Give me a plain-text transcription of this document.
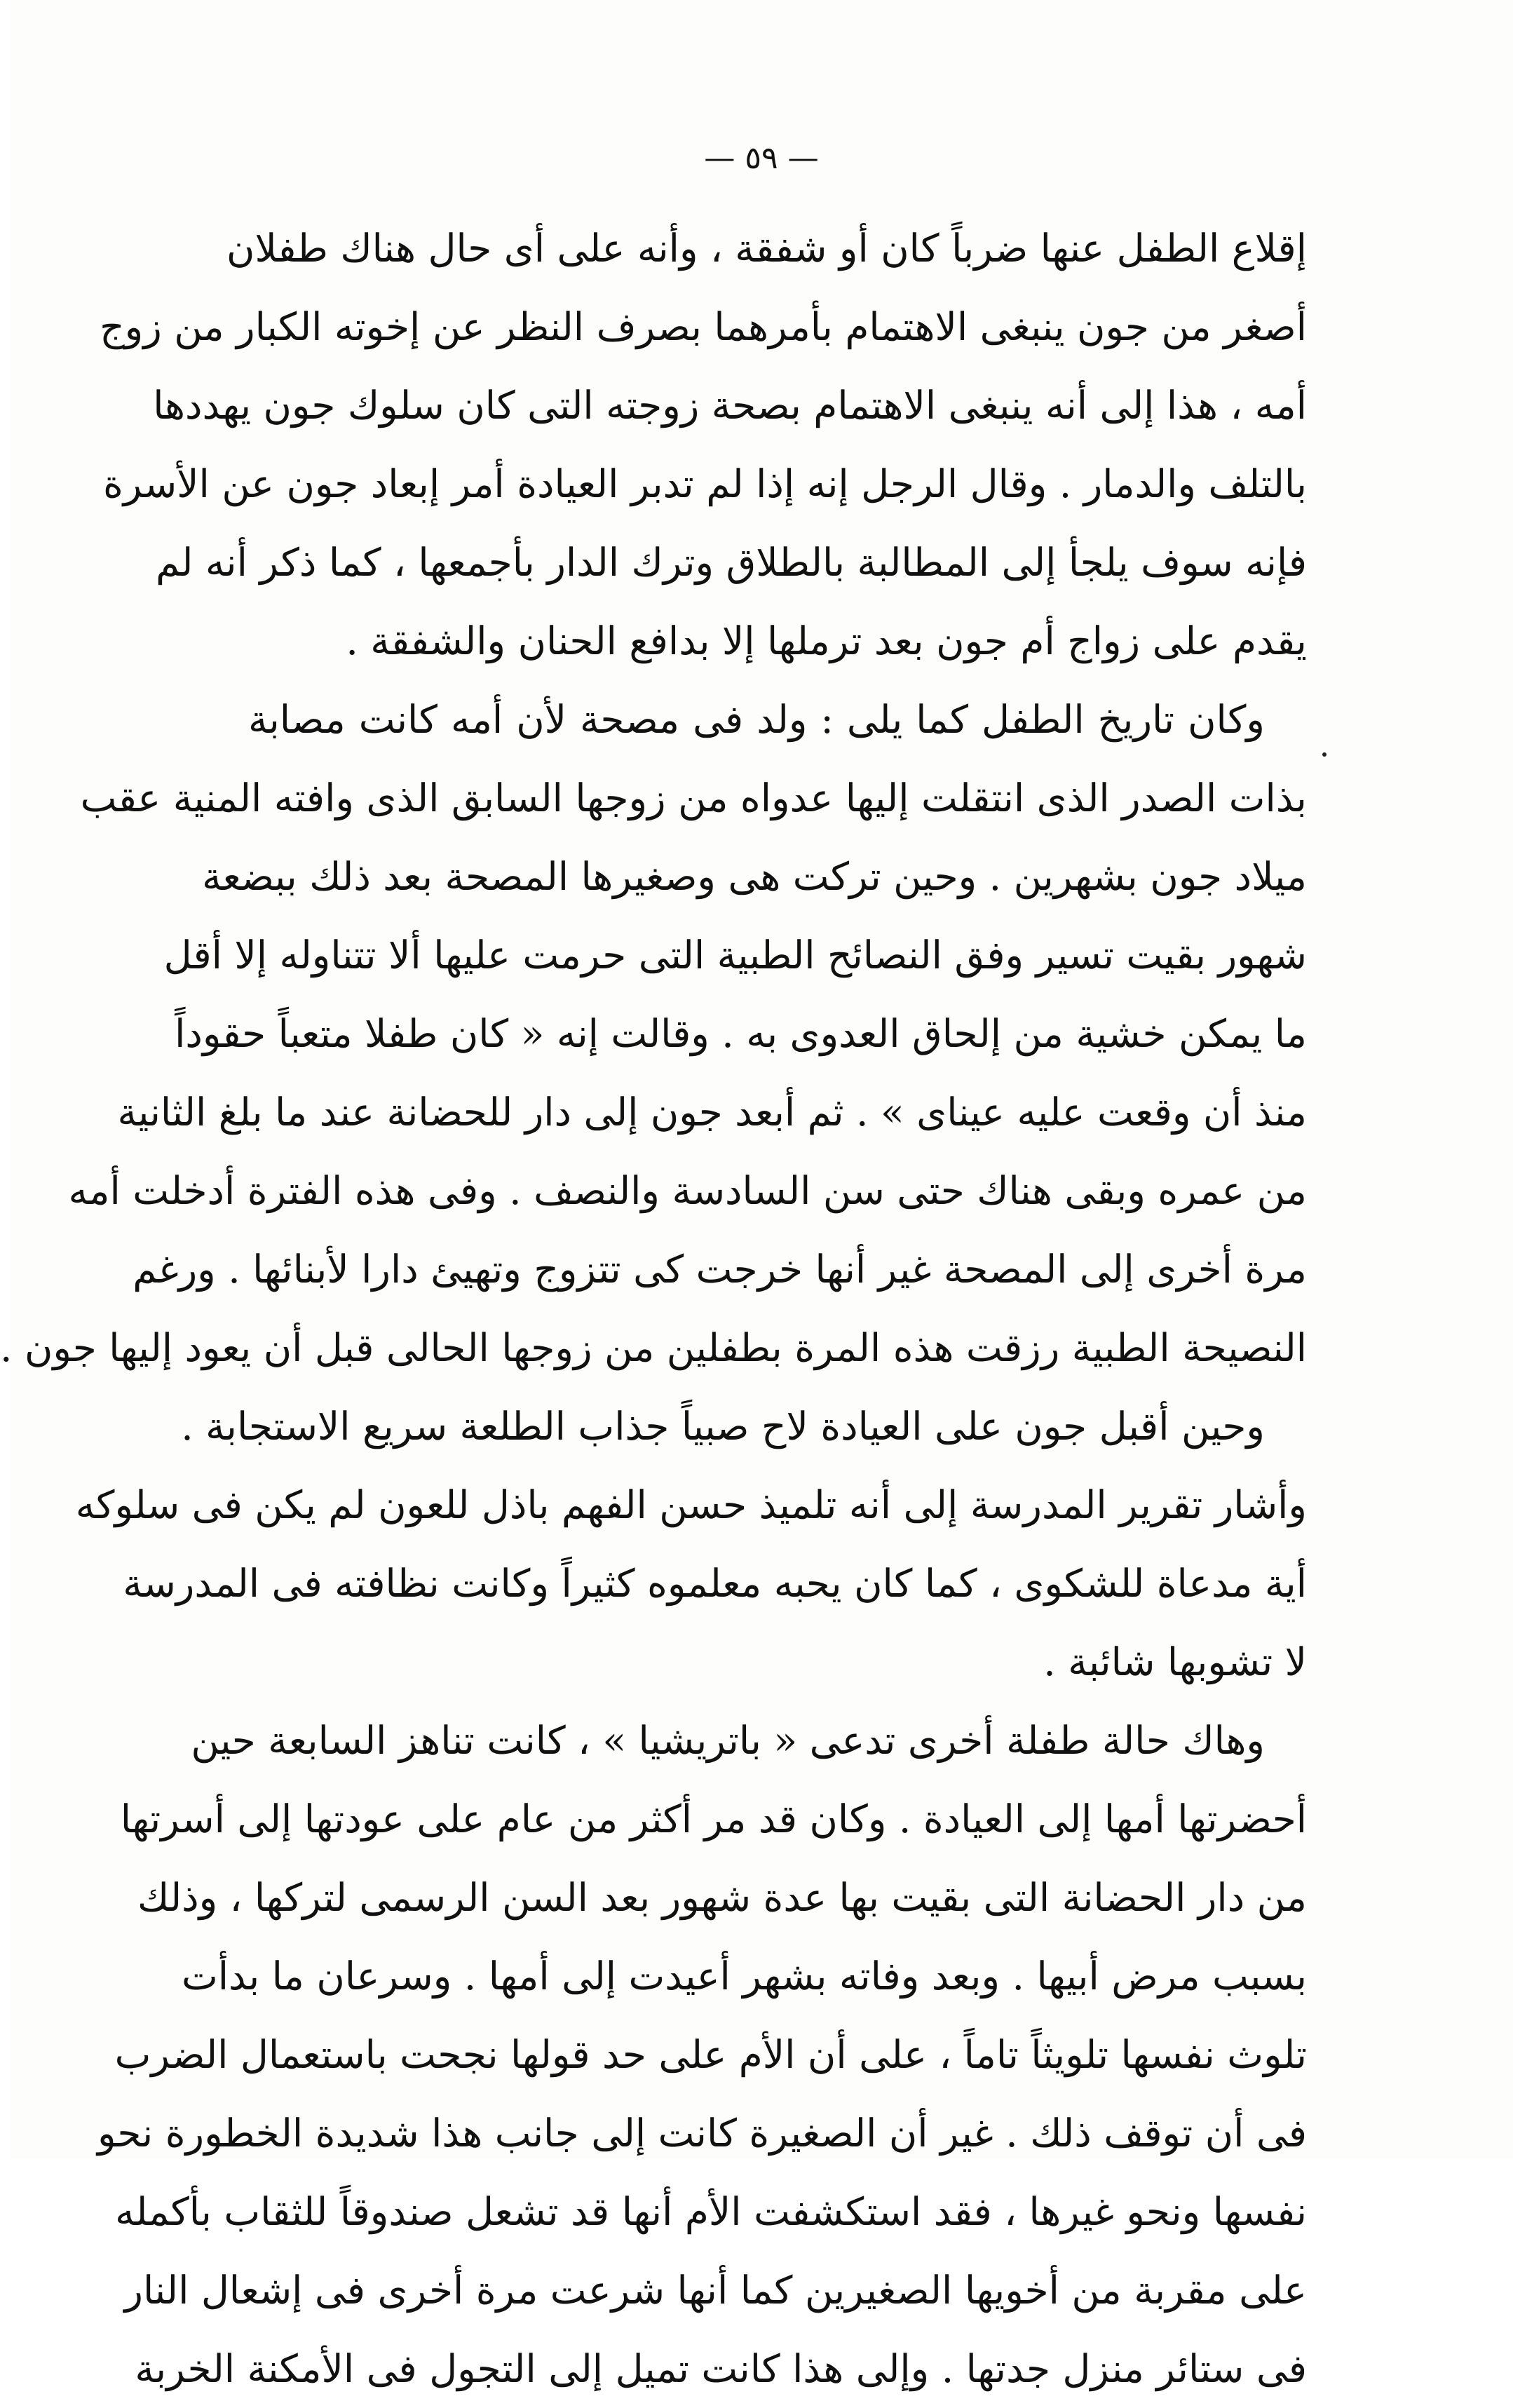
— ٥٩ —
إقلاع الطفل عنها ضرباً كان أو شفقة ، وأنه على أى حال هناك طفلان
أصغر من جون ينبغى الاهتمام بأمرهما بصرف النظر عن إخوته الكبار من زوج
أمه ، هذا إلى أنه ينبغى الاهتمام بصحة زوجته التى كان سلوك جون يهددها
بالتلف والدمار . وقال الرجل إنه إذا لم تدبر العيادة أمر إبعاد جون عن الأسرة
فإنه سوف يلجأ إلى المطالبة بالطلاق وترك الدار بأجمعها ، كما ذكر أنه لم
يقدم على زواج أم جون بعد ترملها إلا بدافع الحنان والشفقة .
وكان تاريخ الطفل كما يلى : ولد فى مصحة لأن أمه كانت مصابة
بذات الصدر الذى انتقلت إليها عدواه من زوجها السابق الذى وافته المنية عقب
ميلاد جون بشهرين . وحين تركت هى وصغيرها المصحة بعد ذلك ببضعة
شهور بقيت تسير وفق النصائح الطبية التى حرمت عليها ألا تتناوله إلا أقل
ما يمكن خشية من إلحاق العدوى به . وقالت إنه « كان طفلا متعباً حقوداً
منذ أن وقعت عليه عيناى » . ثم أبعد جون إلى دار للحضانة عند ما بلغ الثانية
من عمره وبقى هناك حتى سن السادسة والنصف . وفى هذه الفترة أدخلت أمه
مرة أخرى إلى المصحة غير أنها خرجت كى تتزوج وتهيئ دارا لأبنائها . ورغم
النصيحة الطبية رزقت هذه المرة بطفلين من زوجها الحالى قبل أن يعود إليها جون .
وحين أقبل جون على العيادة لاح صبياً جذاب الطلعة سريع الاستجابة .
وأشار تقرير المدرسة إلى أنه تلميذ حسن الفهم باذل للعون لم يكن فى سلوكه
أية مدعاة للشكوى ، كما كان يحبه معلموه كثيراً وكانت نظافته فى المدرسة
لا تشوبها شائبة .
وهاك حالة طفلة أخرى تدعى « باتريشيا » ، كانت تناهز السابعة حين
أحضرتها أمها إلى العيادة . وكان قد مر أكثر من عام على عودتها إلى أسرتها
من دار الحضانة التى بقيت بها عدة شهور بعد السن الرسمى لتركها ، وذلك
بسبب مرض أبيها . وبعد وفاته بشهر أعيدت إلى أمها . وسرعان ما بدأت
تلوث نفسها تلويثاً تاماً ، على أن الأم على حد قولها نجحت باستعمال الضرب
فى أن توقف ذلك . غير أن الصغيرة كانت إلى جانب هذا شديدة الخطورة نحو
نفسها ونحو غيرها ، فقد استكشفت الأم أنها قد تشعل صندوقاً للثقاب بأكمله
على مقربة من أخويها الصغيرين كما أنها شرعت مرة أخرى فى إشعال النار
فى ستائر منزل جدتها . وإلى هذا كانت تميل إلى التجول فى الأمكنة الخربة
